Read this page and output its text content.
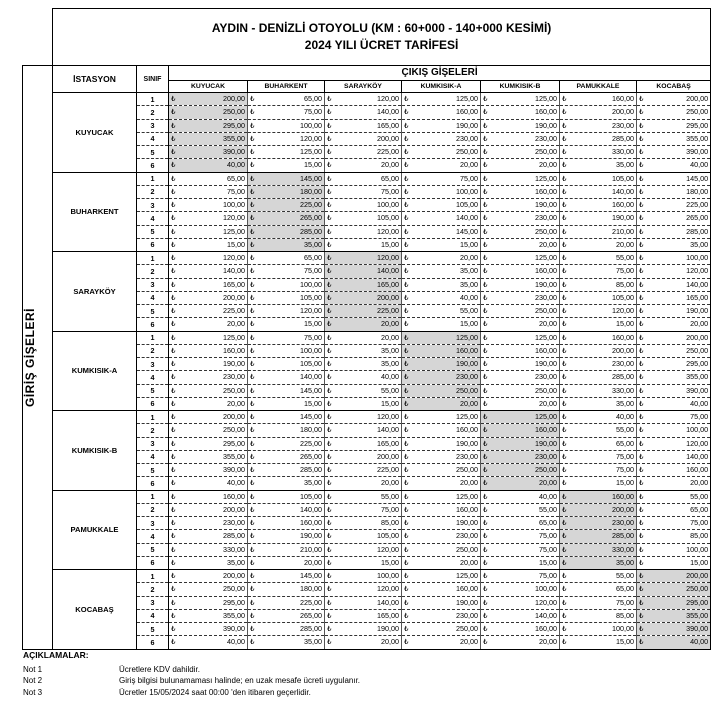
	AYDIN - DENİZLİ OTOYOLU (KM : 60+000 - 140+000 KESİMİ)
2024 YILI ÜCRET TARİFESİ								

GİRİŞ GİŞELERİ	İSTASYON	SINIF	ÇIKIŞ GİŞELERİ						
			KUYUCAK	BUHARKENT	SARAYKÖY	KUMKISIK-A	KUMKISIK-B	PAMUKKALE	KOCABAŞ
	KUYUCAK	1	₺ 200,00	₺ 65,00	₺ 120,00	₺ 125,00	₺ 125,00	₺ 160,00	₺ 200,00

		2	₺ 250,00	₺ 75,00	₺ 140,00	₺ 160,00	₺ 160,00	₺ 200,00	₺ 250,00

		3	₺ 295,00	₺ 100,00	₺ 165,00	₺ 190,00	₺ 190,00	₺ 230,00	₺ 295,00

		4	₺ 355,00	₺ 120,00	₺ 200,00	₺ 230,00	₺ 230,00	₺ 285,00	₺ 355,00

		5	₺ 390,00	₺ 125,00	₺ 225,00	₺ 250,00	₺ 250,00	₺ 330,00	₺ 390,00

		6	₺ 40,00	₺ 15,00	₺ 20,00	₺ 20,00	₺ 20,00	₺ 35,00	₺ 40,00

	BUHARKENT	1	₺ 65,00	₺ 145,00	₺ 65,00	₺ 75,00	₺ 125,00	₺ 105,00	₺ 145,00

		2	₺ 75,00	₺ 180,00	₺ 75,00	₺ 100,00	₺ 160,00	₺ 140,00	₺ 180,00

		3	₺ 100,00	₺ 225,00	₺ 100,00	₺ 105,00	₺ 190,00	₺ 160,00	₺ 225,00

		4	₺ 120,00	₺ 265,00	₺ 105,00	₺ 140,00	₺ 230,00	₺ 190,00	₺ 265,00

		5	₺ 125,00	₺ 285,00	₺ 120,00	₺ 145,00	₺ 250,00	₺ 210,00	₺ 285,00

		6	₺ 15,00	₺ 35,00	₺ 15,00	₺ 15,00	₺ 20,00	₺ 20,00	₺ 35,00

	SARAYKÖY	1	₺ 120,00	₺ 65,00	₺ 120,00	₺ 20,00	₺ 125,00	₺ 55,00	₺ 100,00

		2	₺ 140,00	₺ 75,00	₺ 140,00	₺ 35,00	₺ 160,00	₺ 75,00	₺ 120,00

		3	₺ 165,00	₺ 100,00	₺ 165,00	₺ 35,00	₺ 190,00	₺ 85,00	₺ 140,00

		4	₺ 200,00	₺ 105,00	₺ 200,00	₺ 40,00	₺ 230,00	₺ 105,00	₺ 165,00

		5	₺ 225,00	₺ 120,00	₺ 225,00	₺ 55,00	₺ 250,00	₺ 120,00	₺ 190,00

		6	₺ 20,00	₺ 15,00	₺ 20,00	₺ 15,00	₺ 20,00	₺ 15,00	₺ 20,00

	KUMKISIK-A	1	₺ 125,00	₺ 75,00	₺ 20,00	₺ 125,00	₺ 125,00	₺ 160,00	₺ 200,00

		2	₺ 160,00	₺ 100,00	₺ 35,00	₺ 160,00	₺ 160,00	₺ 200,00	₺ 250,00

		3	₺ 190,00	₺ 105,00	₺ 35,00	₺ 190,00	₺ 190,00	₺ 230,00	₺ 295,00

		4	₺ 230,00	₺ 140,00	₺ 40,00	₺ 230,00	₺ 230,00	₺ 285,00	₺ 355,00

		5	₺ 250,00	₺ 145,00	₺ 55,00	₺ 250,00	₺ 250,00	₺ 330,00	₺ 390,00

		6	₺ 20,00	₺ 15,00	₺ 15,00	₺ 20,00	₺ 20,00	₺ 35,00	₺ 40,00

	KUMKISIK-B	1	₺ 200,00	₺ 145,00	₺ 120,00	₺ 125,00	₺ 125,00	₺ 40,00	₺ 75,00

		2	₺ 250,00	₺ 180,00	₺ 140,00	₺ 160,00	₺ 160,00	₺ 55,00	₺ 100,00

		3	₺ 295,00	₺ 225,00	₺ 165,00	₺ 190,00	₺ 190,00	₺ 65,00	₺ 120,00

		4	₺ 355,00	₺ 265,00	₺ 200,00	₺ 230,00	₺ 230,00	₺ 75,00	₺ 140,00

		5	₺ 390,00	₺ 285,00	₺ 225,00	₺ 250,00	₺ 250,00	₺ 75,00	₺ 160,00

		6	₺ 40,00	₺ 35,00	₺ 20,00	₺ 20,00	₺ 20,00	₺ 15,00	₺ 20,00

	PAMUKKALE	1	₺ 160,00	₺ 105,00	₺ 55,00	₺ 125,00	₺ 40,00	₺ 160,00	₺ 55,00

		2	₺ 200,00	₺ 140,00	₺ 75,00	₺ 160,00	₺ 55,00	₺ 200,00	₺ 65,00

		3	₺ 230,00	₺ 160,00	₺ 85,00	₺ 190,00	₺ 65,00	₺ 230,00	₺ 75,00

		4	₺ 285,00	₺ 190,00	₺ 105,00	₺ 230,00	₺ 75,00	₺ 285,00	₺ 85,00

		5	₺ 330,00	₺ 210,00	₺ 120,00	₺ 250,00	₺ 75,00	₺ 330,00	₺ 100,00

		6	₺ 35,00	₺ 20,00	₺ 15,00	₺ 20,00	₺ 15,00	₺ 35,00	₺ 15,00

	KOCABAŞ	1	₺ 200,00	₺ 145,00	₺ 100,00	₺ 125,00	₺ 75,00	₺ 55,00	₺ 200,00

		2	₺ 250,00	₺ 180,00	₺ 120,00	₺ 160,00	₺ 100,00	₺ 65,00	₺ 250,00

		3	₺ 295,00	₺ 225,00	₺ 140,00	₺ 190,00	₺ 120,00	₺ 75,00	₺ 295,00

		4	₺ 355,00	₺ 265,00	₺ 165,00	₺ 230,00	₺ 140,00	₺ 85,00	₺ 355,00

		5	₺ 390,00	₺ 285,00	₺ 190,00	₺ 250,00	₺ 160,00	₺ 100,00	₺ 390,00

		6	₺ 40,00	₺ 35,00	₺ 20,00	₺ 20,00	₺ 20,00	₺ 15,00	₺ 40,00
AÇIKLAMALAR:
Not 1	Ücretlere KDV dahildir.
Not 2	Giriş bilgisi bulunamaması halinde; en uzak mesafe ücreti uygulanır.
Not 3	Ücretler 15/05/2024 saat 00:00 'den itibaren geçerlidir.
